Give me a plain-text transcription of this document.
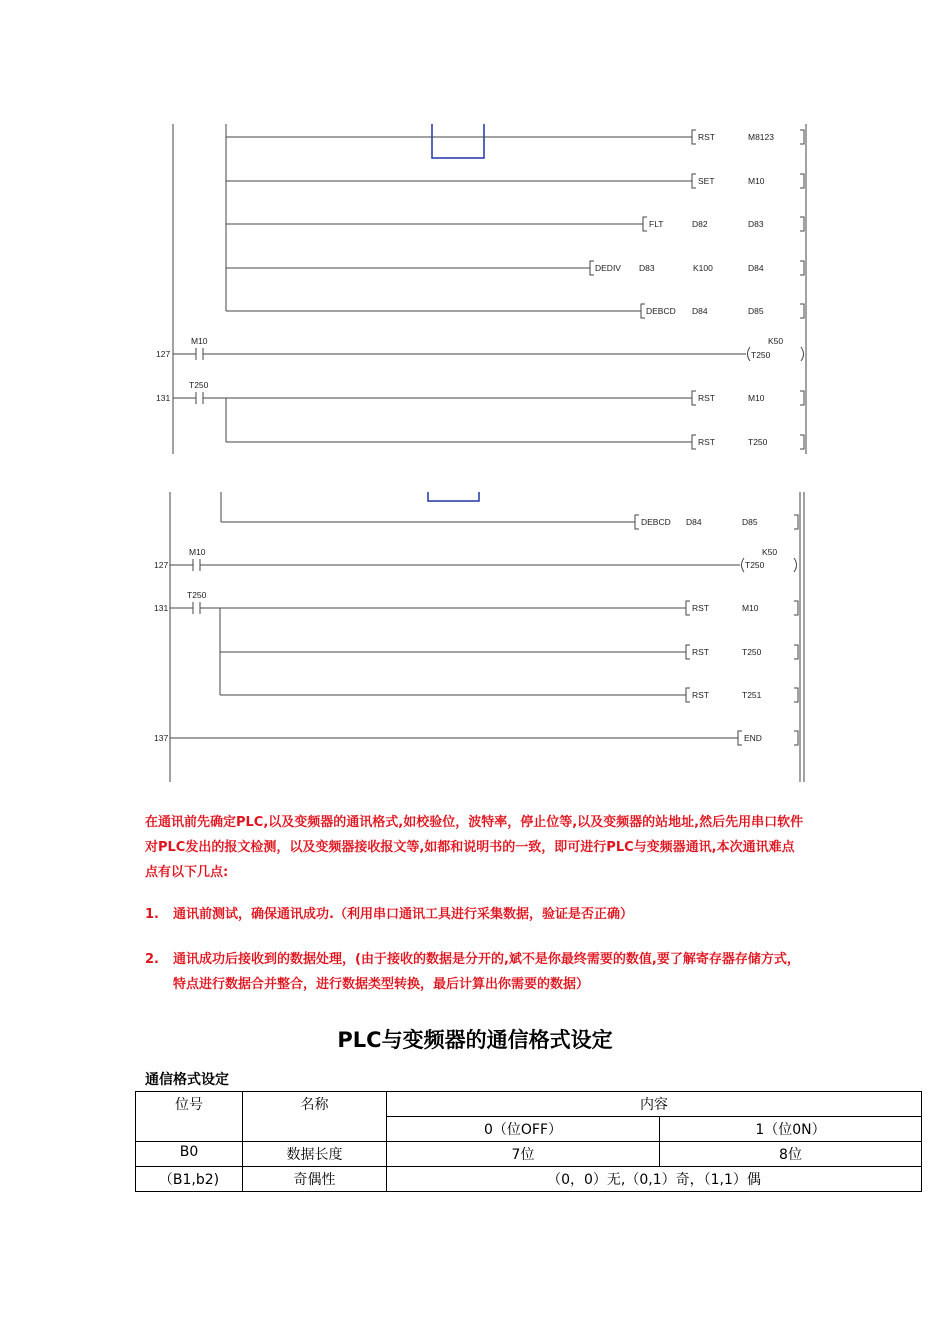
RST	M8123
SET	M10
FLT	D82	D83
DEDIV D83	K100	D84
DEBCD D84	D85
127
M10
T250
K50
131
T250
RST	M10
RST	T250
DEBCD D84	D85
127
M10
T250
K50
131
T250
RST	M10
RST	T250
RST	T251
137	END
在通讯前先确定PLC,以及变频器的通讯格式,如校验位，波特率，停止位等,以及变频器的站地址,然后先用串口软件对PLC发出的报文检测，以及变频器接收报文等,如都和说明书的一致，即可进行PLC与变频器通讯,本次通讯难点点有以下几点:
1. 通讯前测试，确保通讯成功.（利用串口通讯工具进行采集数据，验证是否正确）
2. 通讯成功后接收到的数据处理，(由于接收的数据是分开的,斌不是你最终需要的数值,要了解寄存器存储方式，特点进行数据合并整合，进行数据类型转换，最后计算出你需要的数据）
PLC与变频器的通信格式设定
通信格式设定
位号	名称	内容	
		0（位OFF）	1（位0N）
B0	数据长度	7位	8位
（B1,b2)	奇偶性	（0，0）无,（0,1）奇，（1,1）偶	
